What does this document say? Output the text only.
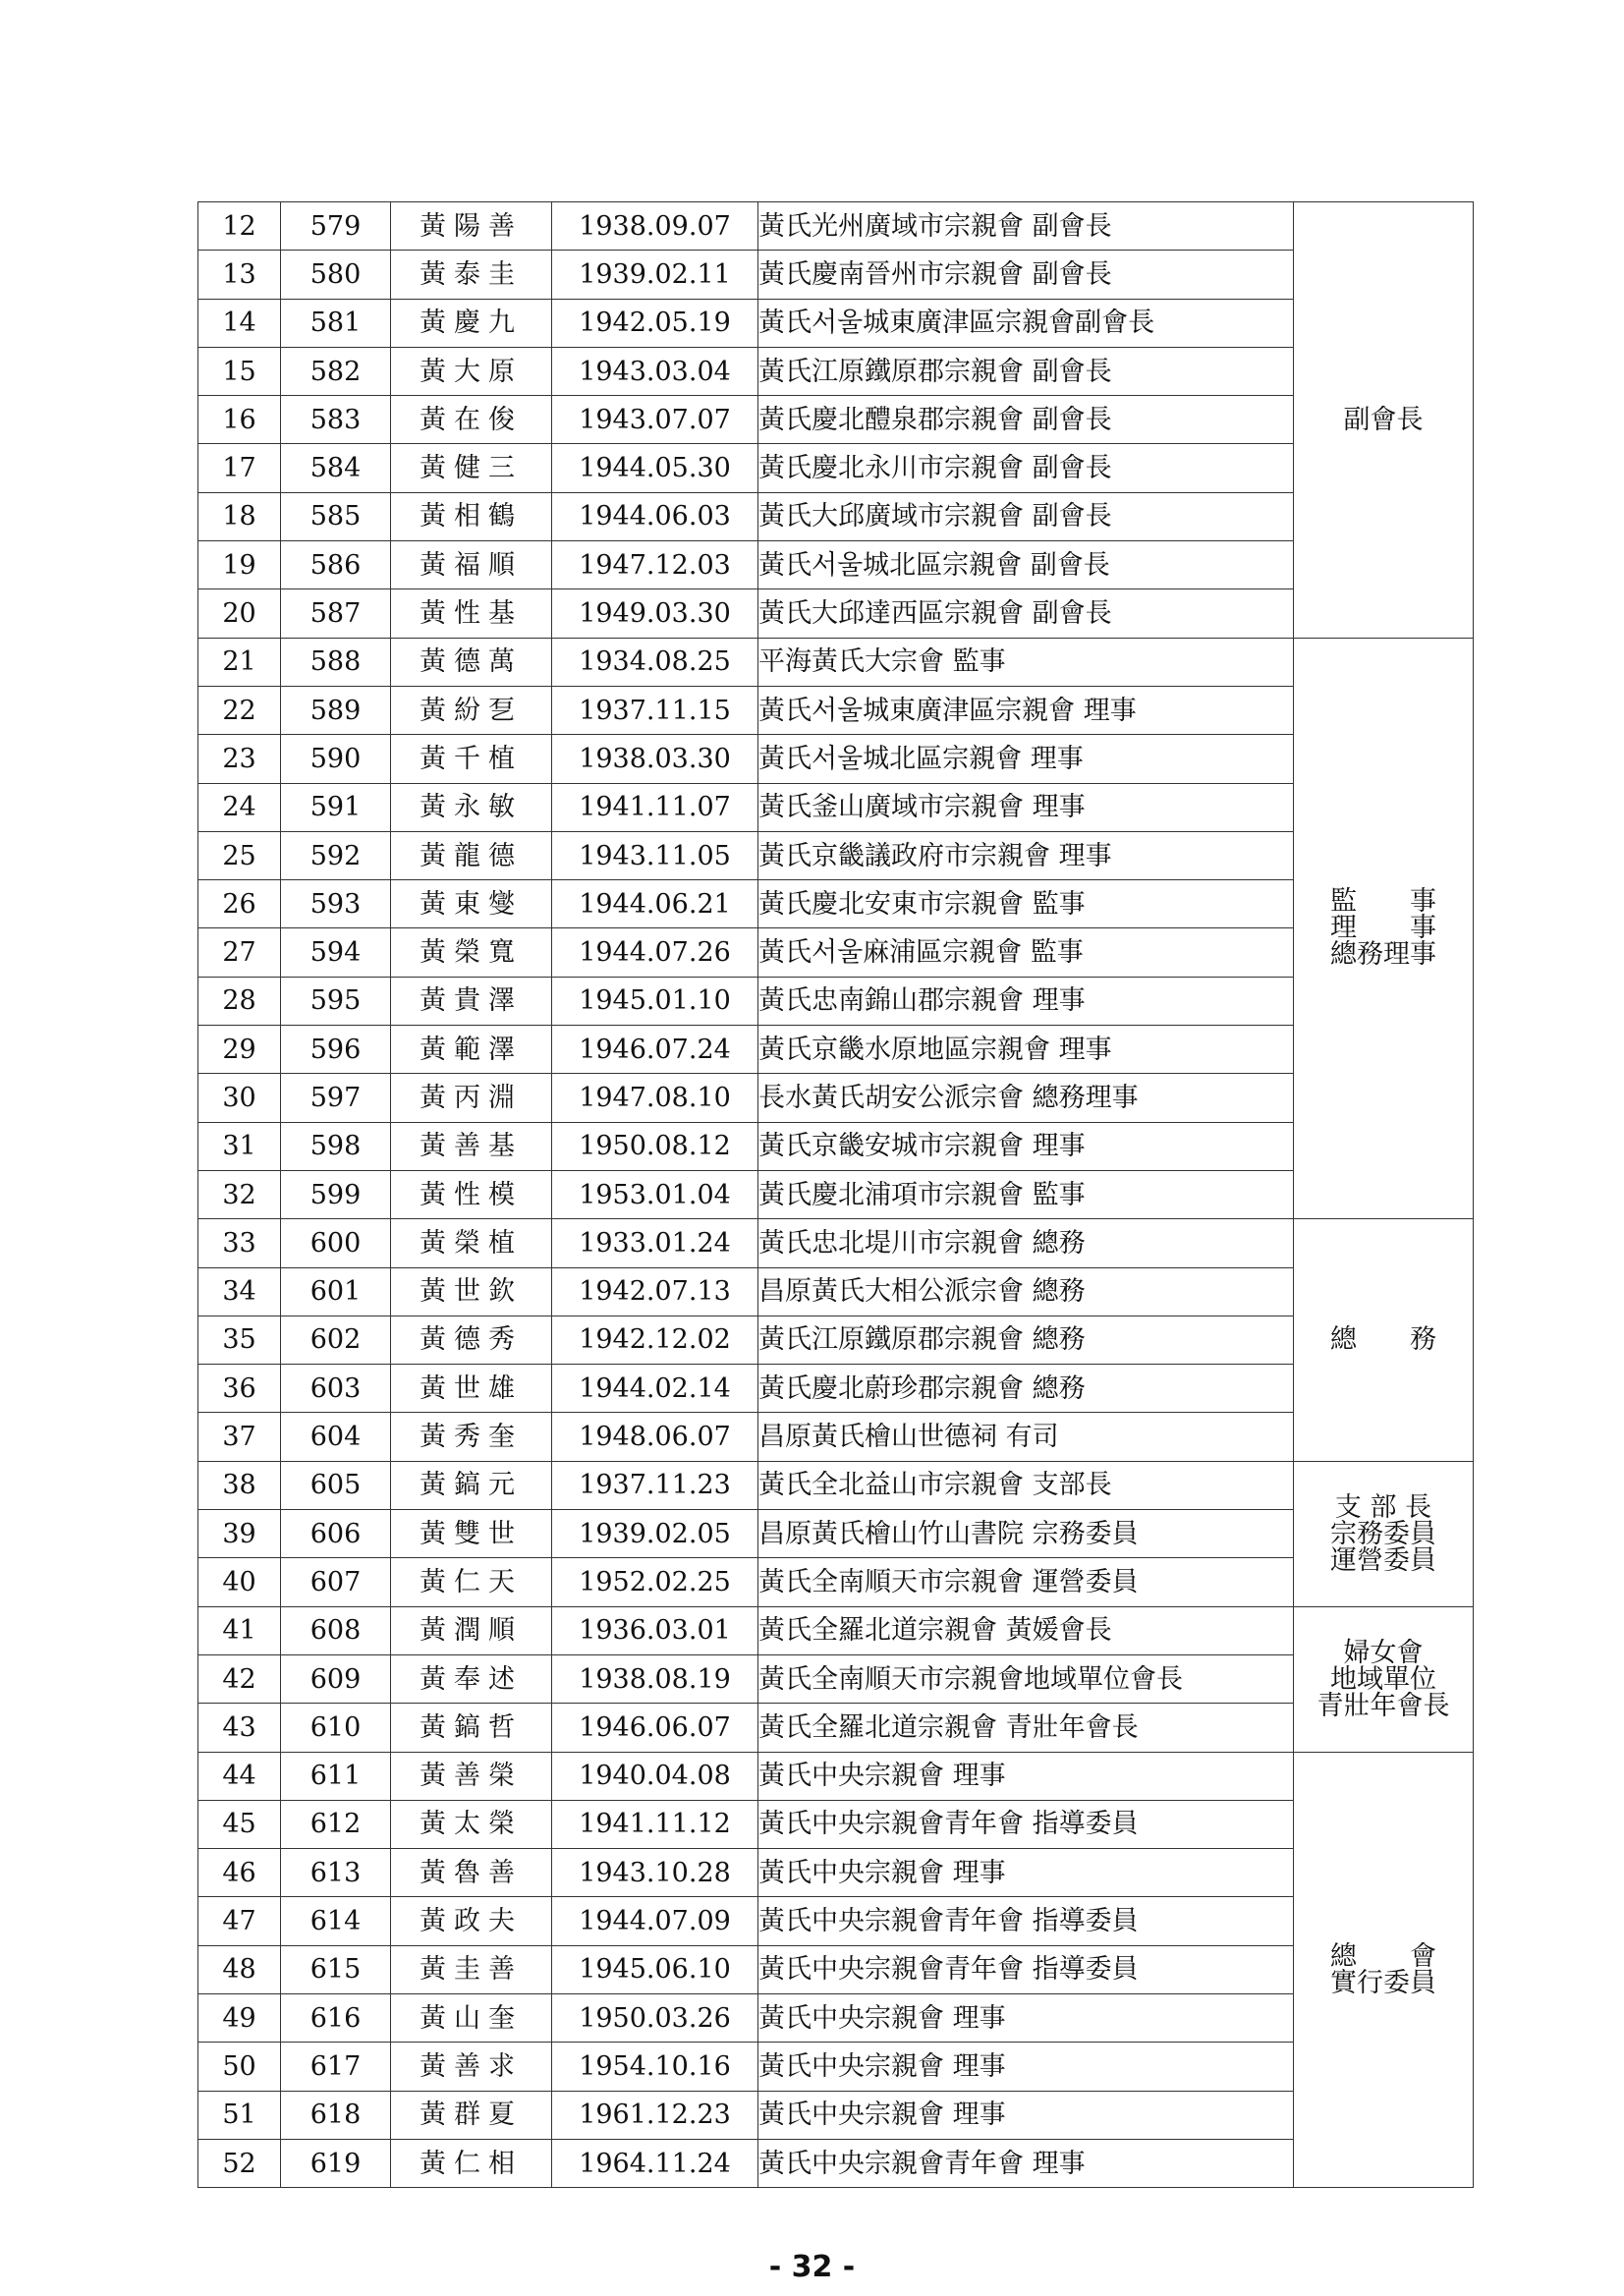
12	579	黃陽善	1938.09.07	黃氏光州廣域市宗親會 副會長	副會長

13	580	黃泰圭	1939.02.11	黃氏慶南晉州市宗親會 副會長	
14	581	黃慶九	1942.05.19	黃氏서울城東廣津區宗親會副會長	
15	582	黃大原	1943.03.04	黃氏江原鐵原郡宗親會 副會長	
16	583	黃在俊	1943.07.07	黃氏慶北醴泉郡宗親會 副會長	
17	584	黃健三	1944.05.30	黃氏慶北永川市宗親會 副會長	
18	585	黃相鶴	1944.06.03	黃氏大邱廣域市宗親會 副會長	
19	586	黃福順	1947.12.03	黃氏서울城北區宗親會 副會長	
20	587	黃性基	1949.03.30	黃氏大邱達西區宗親會 副會長	
21	588	黃德萬	1934.08.25	平海黃氏大宗會 監事	監　　事
理　　事
總務理事

22	589	黃紛乭	1937.11.15	黃氏서울城東廣津區宗親會 理事	
23	590	黃千植	1938.03.30	黃氏서울城北區宗親會 理事	
24	591	黃永敏	1941.11.07	黃氏釜山廣域市宗親會 理事	
25	592	黃龍德	1943.11.05	黃氏京畿議政府市宗親會 理事	
26	593	黃東燮	1944.06.21	黃氏慶北安東市宗親會 監事	
27	594	黃榮寬	1944.07.26	黃氏서울麻浦區宗親會 監事	
28	595	黃貴澤	1945.01.10	黃氏忠南錦山郡宗親會 理事	
29	596	黃範澤	1946.07.24	黃氏京畿水原地區宗親會 理事	
30	597	黃丙淵	1947.08.10	長水黃氏胡安公派宗會 總務理事	
31	598	黃善基	1950.08.12	黃氏京畿安城市宗親會 理事	
32	599	黃性模	1953.01.04	黃氏慶北浦項市宗親會 監事	
33	600	黃榮植	1933.01.24	黃氏忠北堤川市宗親會 總務	總　　務

34	601	黃世欽	1942.07.13	昌原黃氏大相公派宗會 總務	
35	602	黃德秀	1942.12.02	黃氏江原鐵原郡宗親會 總務	
36	603	黃世雄	1944.02.14	黃氏慶北蔚珍郡宗親會 總務	
37	604	黃秀奎	1948.06.07	昌原黃氏檜山世德祠 有司	
38	605	黃鎬元	1937.11.23	黃氏全北益山市宗親會 支部長	支 部 長
宗務委員
運營委員

39	606	黃雙世	1939.02.05	昌原黃氏檜山竹山書院 宗務委員	
40	607	黃仁天	1952.02.25	黃氏全南順天市宗親會 運營委員	
41	608	黃潤順	1936.03.01	黃氏全羅北道宗親會 黃媛會長	婦女會
地域單位
青壯年會長

42	609	黃奉述	1938.08.19	黃氏全南順天市宗親會地域單位會長	
43	610	黃鎬哲	1946.06.07	黃氏全羅北道宗親會 青壯年會長	
44	611	黃善榮	1940.04.08	黃氏中央宗親會 理事	總　　會
實行委員

45	612	黃太榮	1941.11.12	黃氏中央宗親會青年會 指導委員	
46	613	黃魯善	1943.10.28	黃氏中央宗親會 理事	
47	614	黃政夫	1944.07.09	黃氏中央宗親會青年會 指導委員	
48	615	黃圭善	1945.06.10	黃氏中央宗親會青年會 指導委員	
49	616	黃山奎	1950.03.26	黃氏中央宗親會 理事	
50	617	黃善求	1954.10.16	黃氏中央宗親會 理事	
51	618	黃群夏	1961.12.23	黃氏中央宗親會 理事	
52	619	黃仁相	1964.11.24	黃氏中央宗親會青年會 理事	
- 32 -
